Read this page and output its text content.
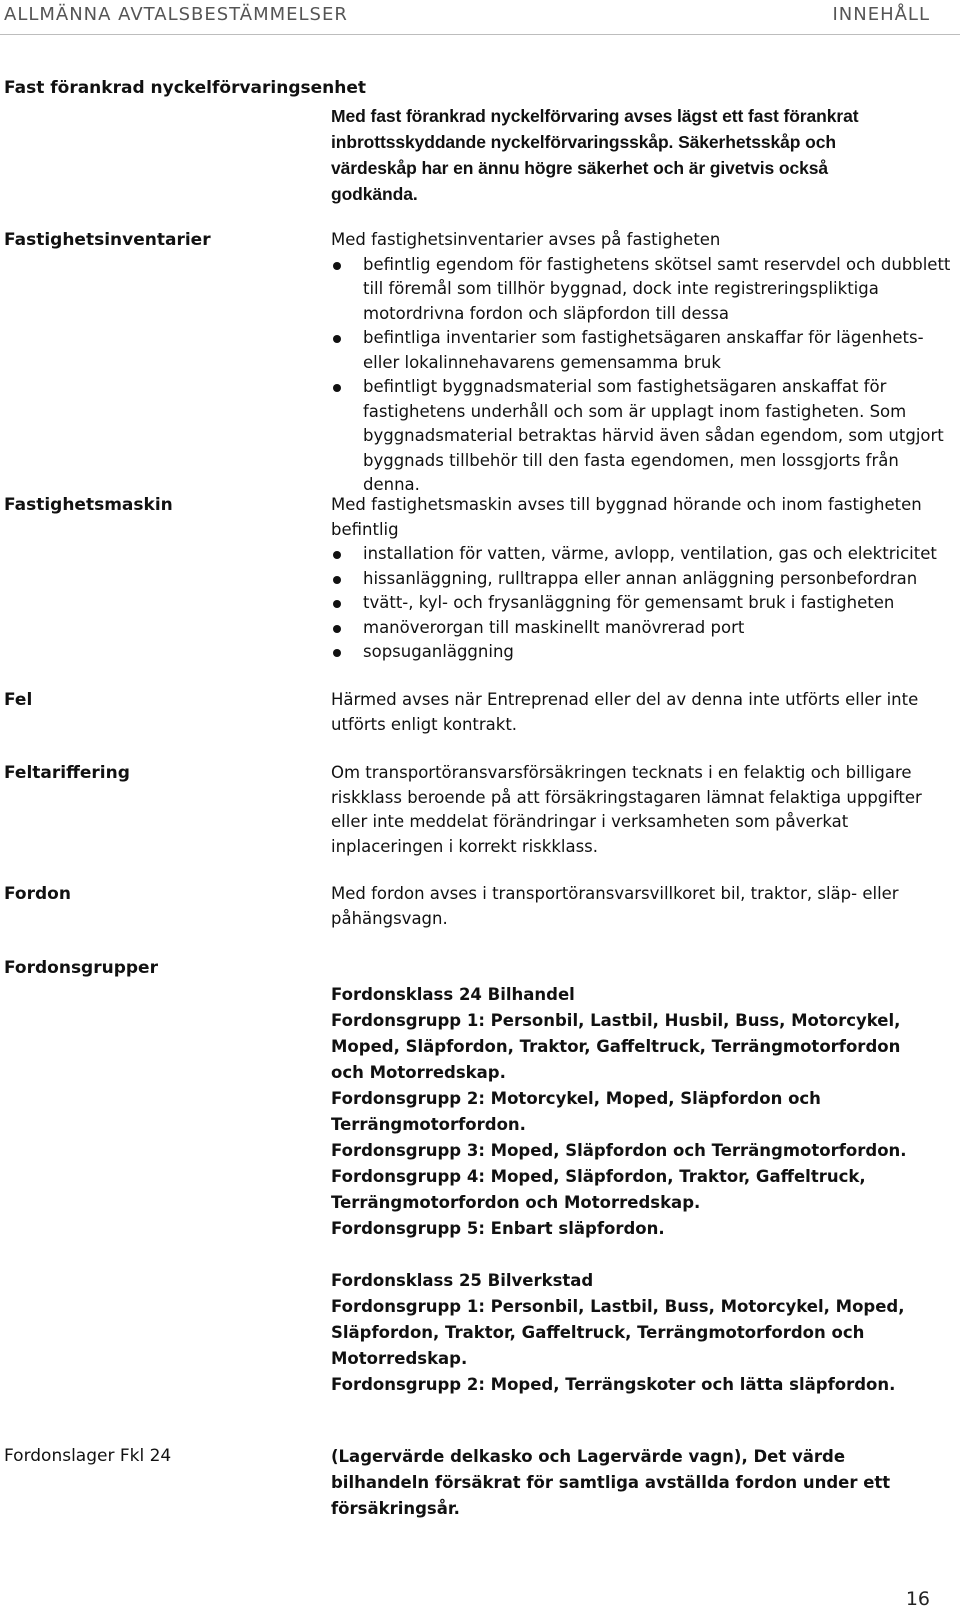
ALLMÄNNA AVTALSBESTÄMMELSER	INNEHÅLL
Fast förankrad nyckelförvaringsenhet

Med fast förankrad nyckelförvaring avses lägst ett fast förankrat inbrottsskyddande nyckelförvaringsskåp. Säkerhetsskåp och värdeskåp har en ännu högre säkerhet och är givetvis också godkända.

Fastighetsinventarier	Med fastighetsinventarier avses på fastigheten

befintlig egendom för fastighetens skötsel samt reservdel och dubblett till föremål som tillhör byggnad, dock inte registreringspliktiga motordrivna fordon och släpfordon till dessa
befintliga inventarier som fastighetsägaren anskaffar för lägenhets- eller lokalinnehavarens gemensamma bruk
befintligt byggnadsmaterial som fastighetsägaren anskaffat för fastighetens underhåll och som är upplagt inom fastigheten. Som byggnadsmaterial betraktas härvid även sådan egendom, som utgjort byggnads tillbehör till den fasta egendomen, men lossgjorts från denna.
Fastighetsmaskin	Med fastighetsmaskin avses till byggnad hörande och inom fastigheten befintlig

installation för vatten, värme, avlopp, ventilation, gas och elektricitet
hissanläggning, rulltrappa eller annan anläggning personbefordran
tvätt-, kyl- och frysanläggning för gemensamt bruk i fastigheten
manöverorgan till maskinellt manövrerad port
sopsuganläggning
Fel	Härmed avses när Entreprenad eller del av denna inte utförts eller inte utförts enligt kontrakt.

Feltariffering	Om transportöransvarsförsäkringen tecknats i en felaktig och billigare riskklass beroende på att försäkringstagaren lämnat felaktiga uppgifter eller inte meddelat förändringar i verksamheten som påverkat inplaceringen i korrekt riskklass.

Fordon	Med fordon avses i transportöransvarsvillkoret bil, traktor, släp- eller påhängsvagn.

Fordonsgrupper

Fordonsklass 24 Bilhandel

Fordonsgrupp 1: Personbil, Lastbil, Husbil, Buss, Motorcykel, Moped, Släpfordon, Traktor, Gaffeltruck, Terrängmotorfordon och Motorredskap.

Fordonsgrupp 2: Motorcykel, Moped, Släpfordon och Terrängmotorfordon.

Fordonsgrupp 3: Moped, Släpfordon och Terrängmotorfordon.

Fordonsgrupp 4: Moped, Släpfordon, Traktor, Gaffeltruck, Terrängmotorfordon och Motorredskap.

Fordonsgrupp 5: Enbart släpfordon.

Fordonsklass 25 Bilverkstad

Fordonsgrupp 1: Personbil, Lastbil, Buss, Motorcykel, Moped, Släpfordon, Traktor, Gaffeltruck, Terrängmotorfordon och Motorredskap.

Fordonsgrupp 2: Moped, Terrängskoter och lätta släpfordon.

Fordonslager Fkl 24	(Lagervärde delkasko och Lagervärde vagn), Det värde bilhandeln försäkrat för samtliga avställda fordon under ett försäkringsår.

16
